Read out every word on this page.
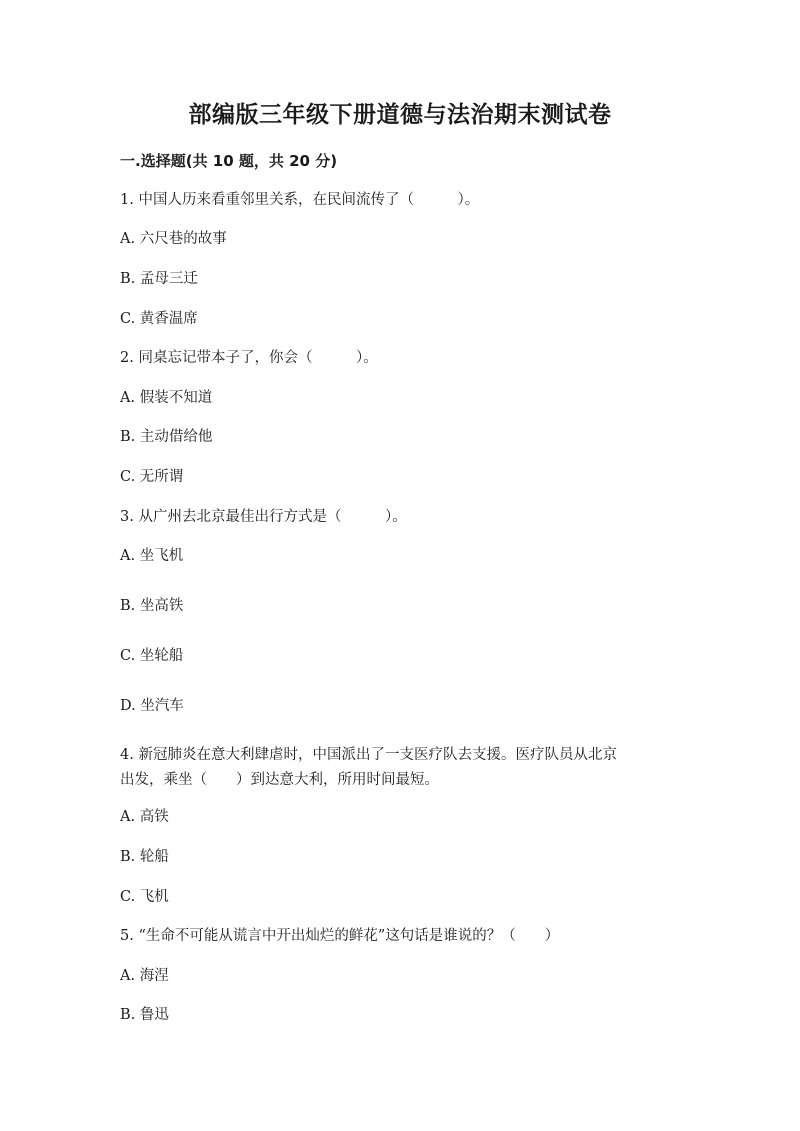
部编版三年级下册道德与法治期末测试卷
一.选择题(共 10 题，共 20 分)
1. 中国人历来看重邻里关系，在民间流传了（　　　）。
A. 六尺巷的故事
B. 孟母三迁
C. 黄香温席
2. 同桌忘记带本子了，你会（　　　）。
A. 假装不知道
B. 主动借给他
C. 无所谓
3. 从广州去北京最佳出行方式是（　　　）。
A. 坐飞机
B. 坐高铁
C. 坐轮船
D. 坐汽车
4. 新冠肺炎在意大利肆虐时，中国派出了一支医疗队去支援。医疗队员从北京
出发，乘坐（　　）到达意大利，所用时间最短。
A. 高铁
B. 轮船
C. 飞机
5. “生命不可能从谎言中开出灿烂的鲜花”这句话是谁说的？（　　）
A. 海涅
B. 鲁迅
